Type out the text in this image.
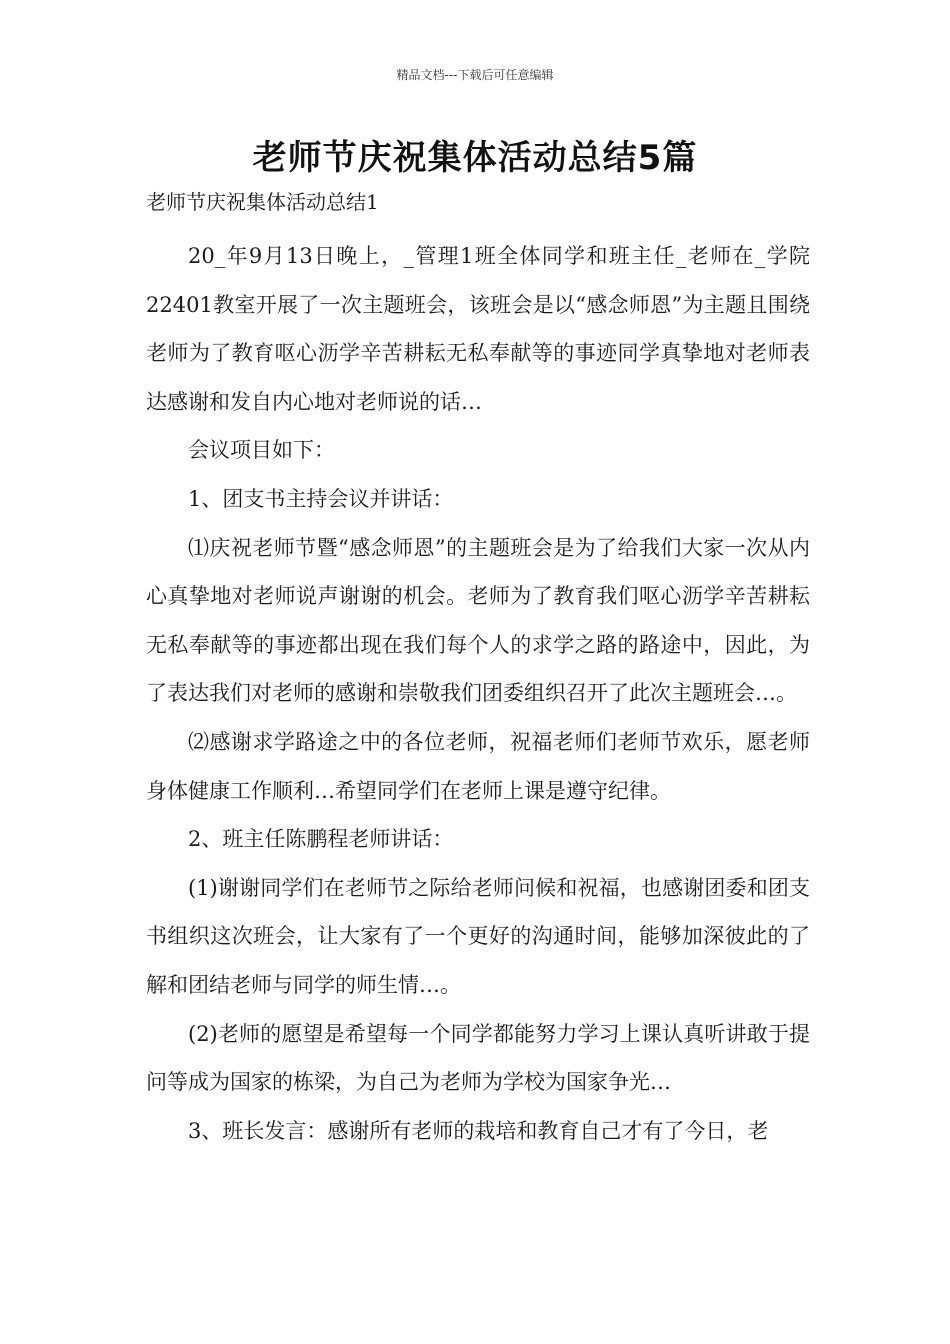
精品文档---下载后可任意编辑
老师节庆祝集体活动总结5篇
老师节庆祝集体活动总结1

20_年9月13日晚上，_管理1班全体同学和班主任_老师在_学院22401教室开展了一次主题班会，该班会是以“感念师恩”为主题且围绕老师为了教育呕心沥学辛苦耕耘无私奉献等的事迹同学真挚地对老师表达感谢和发自内心地对老师说的话…

会议项目如下：

1、团支书主持会议并讲话：

⑴庆祝老师节暨“感念师恩”的主题班会是为了给我们大家一次从内心真挚地对老师说声谢谢的机会。老师为了教育我们呕心沥学辛苦耕耘无私奉献等的事迹都出现在我们每个人的求学之路的路途中，因此，为了表达我们对老师的感谢和崇敬我们团委组织召开了此次主题班会…。

⑵感谢求学路途之中的各位老师，祝福老师们老师节欢乐，愿老师身体健康工作顺利…希望同学们在老师上课是遵守纪律。

2、班主任陈鹏程老师讲话：

(1)谢谢同学们在老师节之际给老师问候和祝福，也感谢团委和团支书组织这次班会，让大家有了一个更好的沟通时间，能够加深彼此的了解和团结老师与同学的师生情…。

(2)老师的愿望是希望每一个同学都能努力学习上课认真听讲敢于提问等成为国家的栋梁，为自己为老师为学校为国家争光…

3、班长发言：感谢所有老师的栽培和教育自己才有了今日，老
